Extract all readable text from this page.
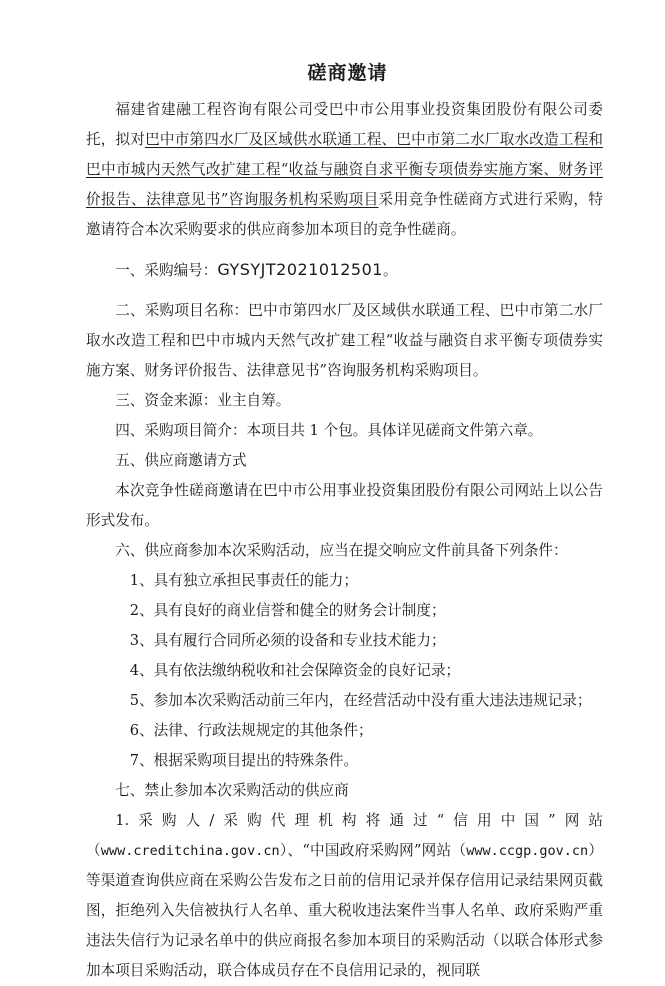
磋商邀请

福建省建融工程咨询有限公司受巴中市公用事业投资集团股份有限公司委托，拟对巴中市第四水厂及区域供水联通工程、巴中市第二水厂取水改造工程和巴中市城内天然气改扩建工程“收益与融资自求平衡专项债券实施方案、财务评价报告、法律意见书”咨询服务机构采购项目采用竞争性磋商方式进行采购，特邀请符合本次采购要求的供应商参加本项目的竞争性磋商。

一、采购编号：GYSYJT2021012501。

二、采购项目名称：巴中市第四水厂及区域供水联通工程、巴中市第二水厂取水改造工程和巴中市城内天然气改扩建工程“收益与融资自求平衡专项债券实施方案、财务评价报告、法律意见书”咨询服务机构采购项目。

三、资金来源：业主自筹。

四、采购项目简介：本项目共 1 个包。具体详见磋商文件第六章。

五、供应商邀请方式

本次竞争性磋商邀请在巴中市公用事业投资集团股份有限公司网站上以公告形式发布。

六、供应商参加本次采购活动，应当在提交响应文件前具备下列条件：

1、具有独立承担民事责任的能力；

2、具有良好的商业信誉和健全的财务会计制度；

3、具有履行合同所必须的设备和专业技术能力；

4、具有依法缴纳税收和社会保障资金的良好记录；

5、参加本次采购活动前三年内，在经营活动中没有重大违法违规记录；

6、法律、行政法规规定的其他条件；

7、根据采购项目提出的特殊条件。

七、禁止参加本次采购活动的供应商

1.采购人/采购代理机构将通过“信用中国”网站（www.creditchina.gov.cn）、“中国政府采购网”网站（www.ccgp.gov.cn）等渠道查询供应商在采购公告发布之日前的信用记录并保存信用记录结果网页截图，拒绝列入失信被执行人名单、重大税收违法案件当事人名单、政府采购严重违法失信行为记录名单中的供应商报名参加本项目的采购活动（以联合体形式参加本项目采购活动，联合体成员存在不良信用记录的，视同联
